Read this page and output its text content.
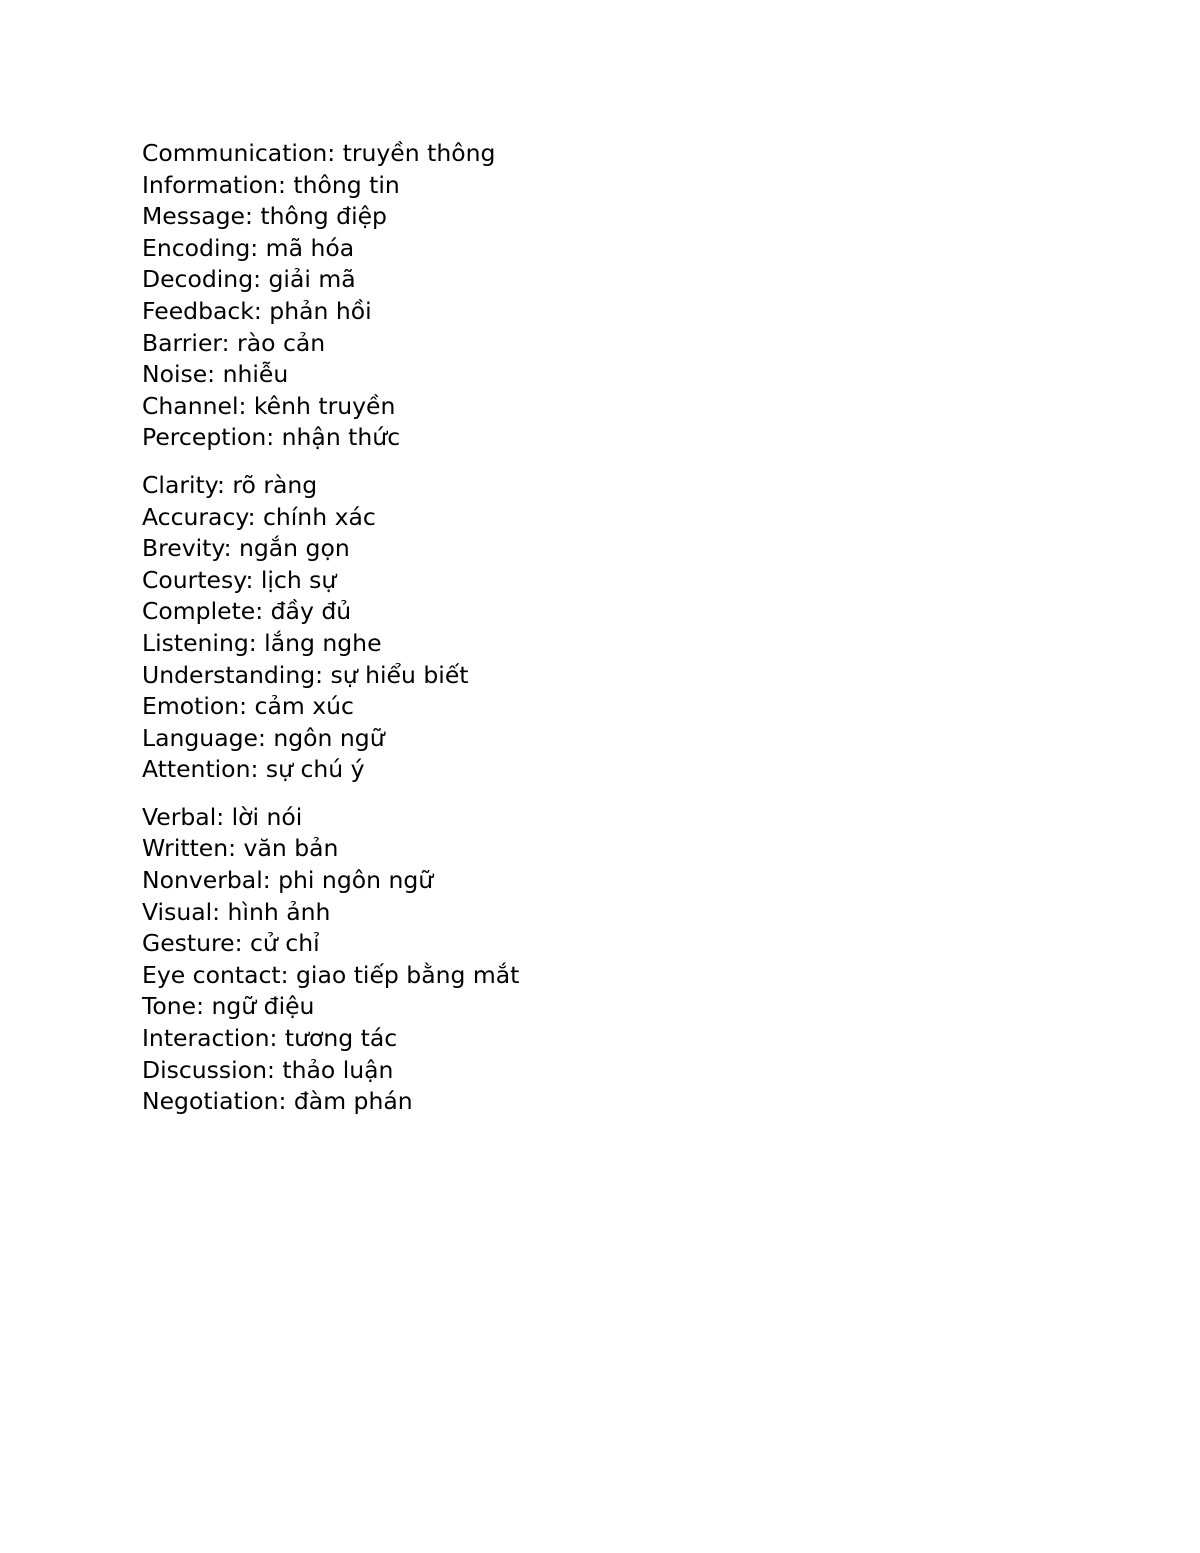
Communication: truyền thông
Information: thông tin
Message: thông điệp
Encoding: mã hóa
Decoding: giải mã
Feedback: phản hồi
Barrier: rào cản
Noise: nhiễu
Channel: kênh truyền
Perception: nhận thức
Clarity: rõ ràng
Accuracy: chính xác
Brevity: ngắn gọn
Courtesy: lịch sự
Complete: đầy đủ
Listening: lắng nghe
Understanding: sự hiểu biết
Emotion: cảm xúc
Language: ngôn ngữ
Attention: sự chú ý
Verbal: lời nói
Written: văn bản
Nonverbal: phi ngôn ngữ
Visual: hình ảnh
Gesture: cử chỉ
Eye contact: giao tiếp bằng mắt
Tone: ngữ điệu
Interaction: tương tác
Discussion: thảo luận
Negotiation: đàm phán
